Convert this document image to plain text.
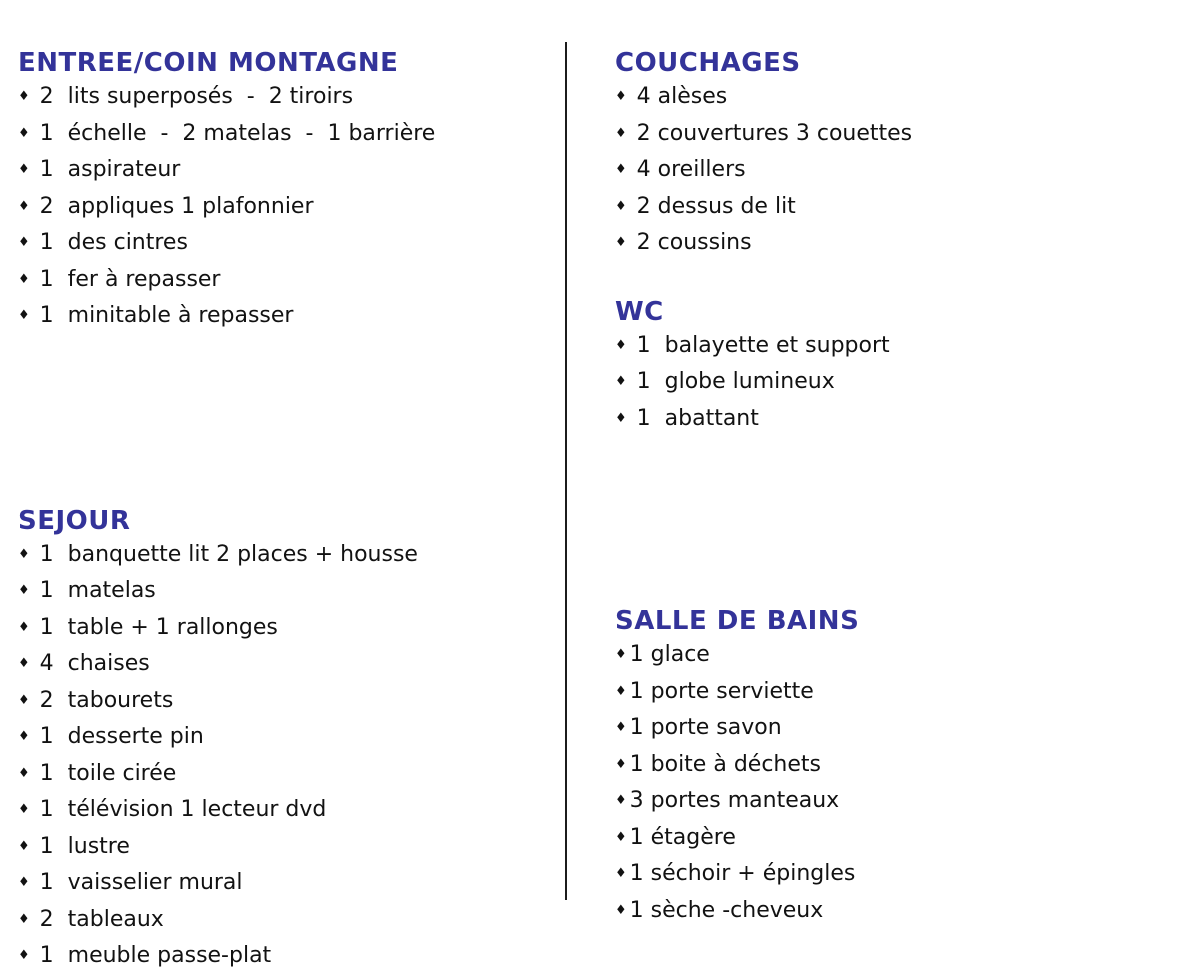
ENTREE/COIN MONTAGNE
♦ 2  lits superposés  -  2 tiroirs
♦ 1  échelle  -  2 matelas  -  1 barrière
♦ 1  aspirateur
♦ 2  appliques 1 plafonnier
♦ 1  des cintres
♦ 1  fer à repasser
♦ 1  minitable à repasser
SEJOUR
♦ 1  banquette lit 2 places + housse
♦ 1  matelas
♦ 1  table + 1 rallonges
♦ 4  chaises
♦ 2  tabourets
♦ 1  desserte pin
♦ 1  toile cirée
♦ 1  télévision 1 lecteur dvd
♦ 1  lustre
♦ 1  vaisselier mural
♦ 2  tableaux
♦ 1  meuble passe-plat
COUCHAGES
♦ 4 alèses
♦ 2 couvertures 3 couettes
♦ 4 oreillers
♦ 2 dessus de lit
♦ 2 coussins
WC
♦ 1  balayette et support
♦ 1  globe lumineux
♦ 1  abattant
SALLE DE BAINS
♦ 1 glace
♦ 1 porte serviette
♦ 1 porte savon
♦ 1 boite à déchets
♦ 3 portes manteaux
♦ 1 étagère
♦ 1 séchoir + épingles
♦ 1 sèche -cheveux
